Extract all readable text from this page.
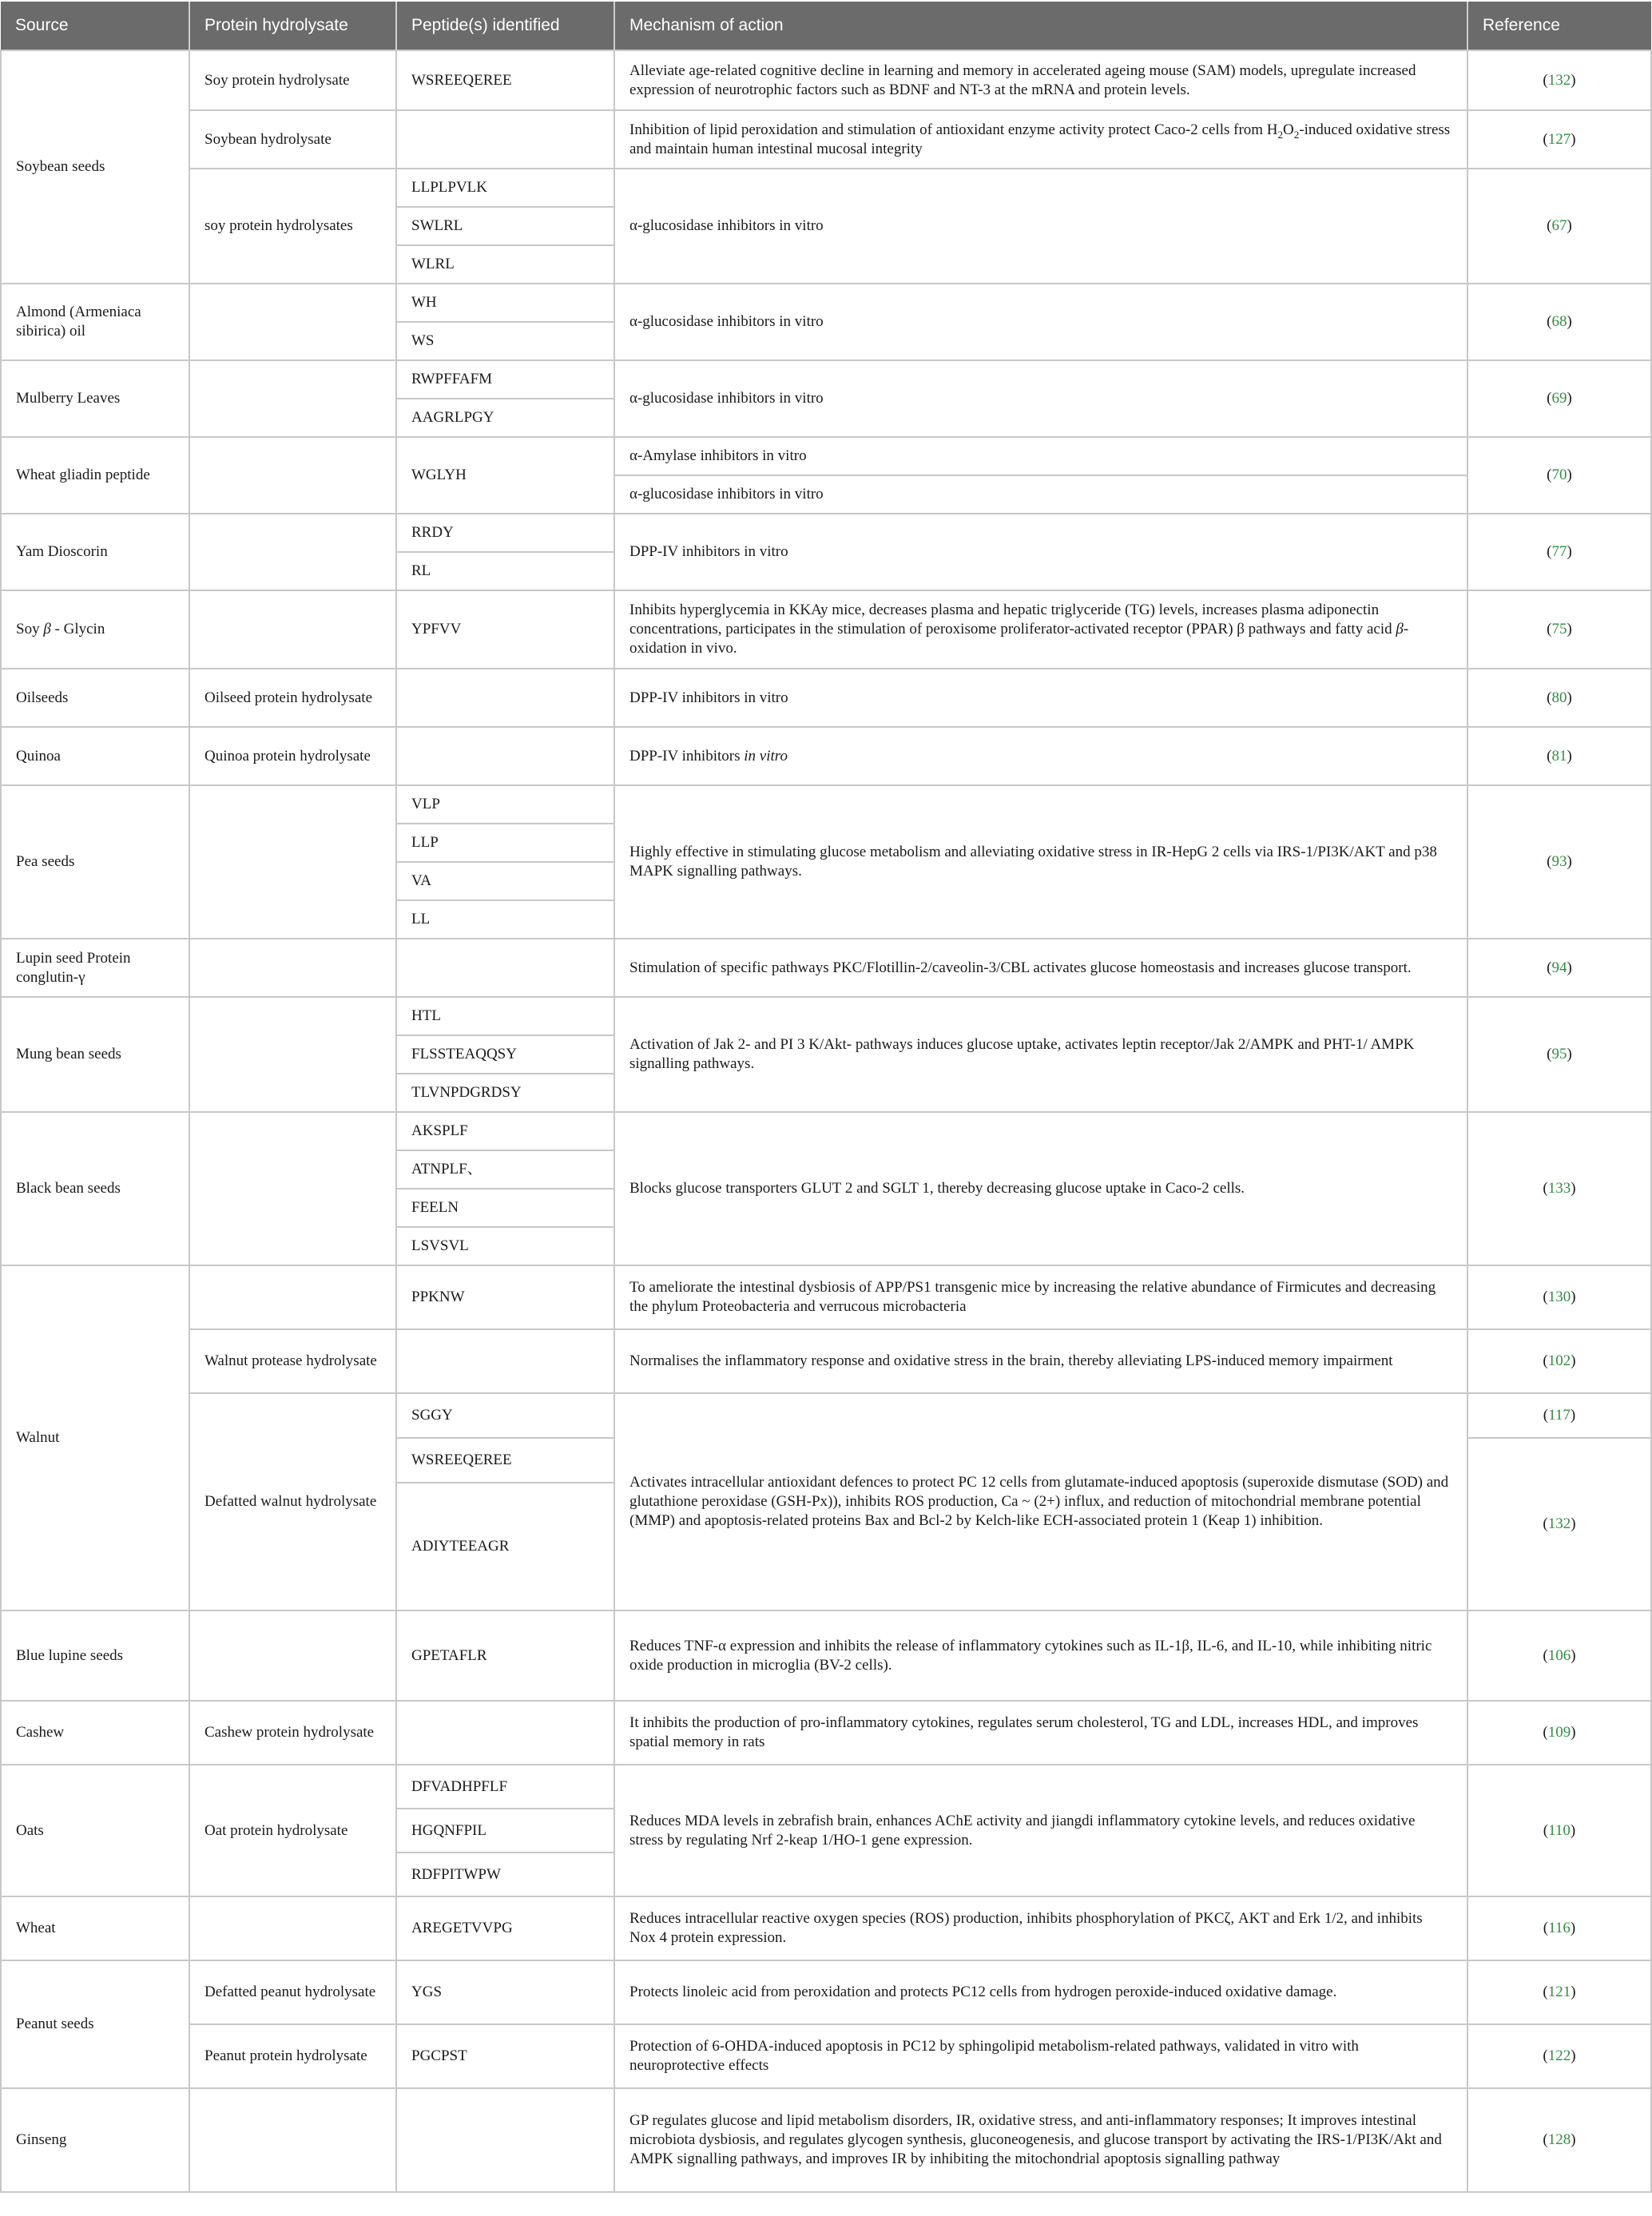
Source	Protein hydrolysate	Peptide(s) identified	Mechanism of action	Reference
Soybean seeds	Soy protein hydrolysate	WSREEQEREE	Alleviate age-related cognitive decline in learning and memory in accelerated ageing mouse (SAM) models, upregulate increased expression of neurotrophic factors such as BDNF and NT-3 at the mRNA and protein levels.	(132)
	Soybean hydrolysate		Inhibition of lipid peroxidation and stimulation of antioxidant enzyme activity protect Caco-2 cells from $H_2O_2$-induced oxidative stress and maintain human intestinal mucosal integrity	(127)
	soy protein hydrolysates	LLPLPVLK	α-glucosidase inhibitors in vitro	(67)
		SWLRL		
		WLRL		
Almond (Armeniaca sibirica) oil		WH	α-glucosidase inhibitors in vitro	(68)
		WS		
Mulberry Leaves		RWPFFAFM	α-glucosidase inhibitors in vitro	(69)
		AAGRLPGY		
Wheat gliadin peptide		WGLYH	α-Amylase inhibitors in vitro	(70)
			α-glucosidase inhibitors in vitro	
Yam Dioscorin		RRDY	DPP-IV inhibitors in vitro	(77)
		RL		
Soy β - Glycin		YPFVV	Inhibits hyperglycemia in KKAy mice, decreases plasma and hepatic triglyceride (TG) levels, increases plasma adiponectin concentrations, participates in the stimulation of peroxisome proliferator-activated receptor (PPAR) β pathways and fatty acid β-oxidation in vivo.	(75)
Oilseeds	Oilseed protein hydrolysate		DPP-IV inhibitors in vitro	(80)
Quinoa	Quinoa protein hydrolysate		DPP-IV inhibitors in vitro	(81)
Pea seeds		VLP	Highly effective in stimulating glucose metabolism and alleviating oxidative stress in IR-HepG 2 cells via IRS-1/PI3K/AKT and p38 MAPK signalling pathways.	(93)
		LLP		
		VA		
		LL		
Lupin seed Protein conglutin-γ			Stimulation of specific pathways PKC/Flotillin-2/caveolin-3/CBL activates glucose homeostasis and increases glucose transport.	(94)
Mung bean seeds		HTL	Activation of Jak 2- and PI 3 K/Akt- pathways induces glucose uptake, activates leptin receptor/Jak 2/AMPK and PHT-1/ AMPK signalling pathways.	(95)
		FLSSTEAQQSY		
		TLVNPDGRDSY		
Black bean seeds		AKSPLF	Blocks glucose transporters GLUT 2 and SGLT 1, thereby decreasing glucose uptake in Caco-2 cells.	(133)
		ATNPLF、		
		FEELN		
		LSVSVL		
Walnut		PPKNW	To ameliorate the intestinal dysbiosis of APP/PS1 transgenic mice by increasing the relative abundance of Firmicutes and decreasing the phylum Proteobacteria and verrucous microbacteria	(130)
	Walnut protease hydrolysate		Normalises the inflammatory response and oxidative stress in the brain, thereby alleviating LPS-induced memory impairment	(102)
	Defatted walnut hydrolysate	SGGY	Activates intracellular antioxidant defences to protect PC 12 cells from glutamate-induced apoptosis (superoxide dismutase (SOD) and glutathione peroxidase (GSH-Px)), inhibits ROS production, Ca ~ (2+) influx, and reduction of mitochondrial membrane potential (MMP) and apoptosis-related proteins Bax and Bcl-2 by Kelch-like ECH-associated protein 1 (Keap 1) inhibition.	(117)
		WSREEQEREE		(132)
		ADIYTEEAGR		
Blue lupine seeds		GPETAFLR	Reduces TNF-α expression and inhibits the release of inflammatory cytokines such as IL-1β, IL-6, and IL-10, while inhibiting nitric oxide production in microglia (BV-2 cells).	(106)
Cashew	Cashew protein hydrolysate		It inhibits the production of pro-inflammatory cytokines, regulates serum cholesterol, TG and LDL, increases HDL, and improves spatial memory in rats	(109)
Oats	Oat protein hydrolysate	DFVADHPFLF	Reduces MDA levels in zebrafish brain, enhances AChE activity and jiangdi inflammatory cytokine levels, and reduces oxidative stress by regulating Nrf 2-keap 1/HO-1 gene expression.	(110)
		HGQNFPIL		
		RDFPITWPW		
Wheat		AREGETVVPG	Reduces intracellular reactive oxygen species (ROS) production, inhibits phosphorylation of PKCζ, AKT and Erk 1/2, and inhibits Nox 4 protein expression.	(116)
Peanut seeds	Defatted peanut hydrolysate	YGS	Protects linoleic acid from peroxidation and protects PC12 cells from hydrogen peroxide-induced oxidative damage.	(121)
	Peanut protein hydrolysate	PGCPST	Protection of 6-OHDA-induced apoptosis in PC12 by sphingolipid metabolism-related pathways, validated in vitro with neuroprotective effects	(122)
Ginseng			GP regulates glucose and lipid metabolism disorders, IR, oxidative stress, and anti-inflammatory responses; It improves intestinal microbiota dysbiosis, and regulates glycogen synthesis, gluconeogenesis, and glucose transport by activating the IRS-1/PI3K/Akt and AMPK signalling pathways, and improves IR by inhibiting the mitochondrial apoptosis signalling pathway	(128)
